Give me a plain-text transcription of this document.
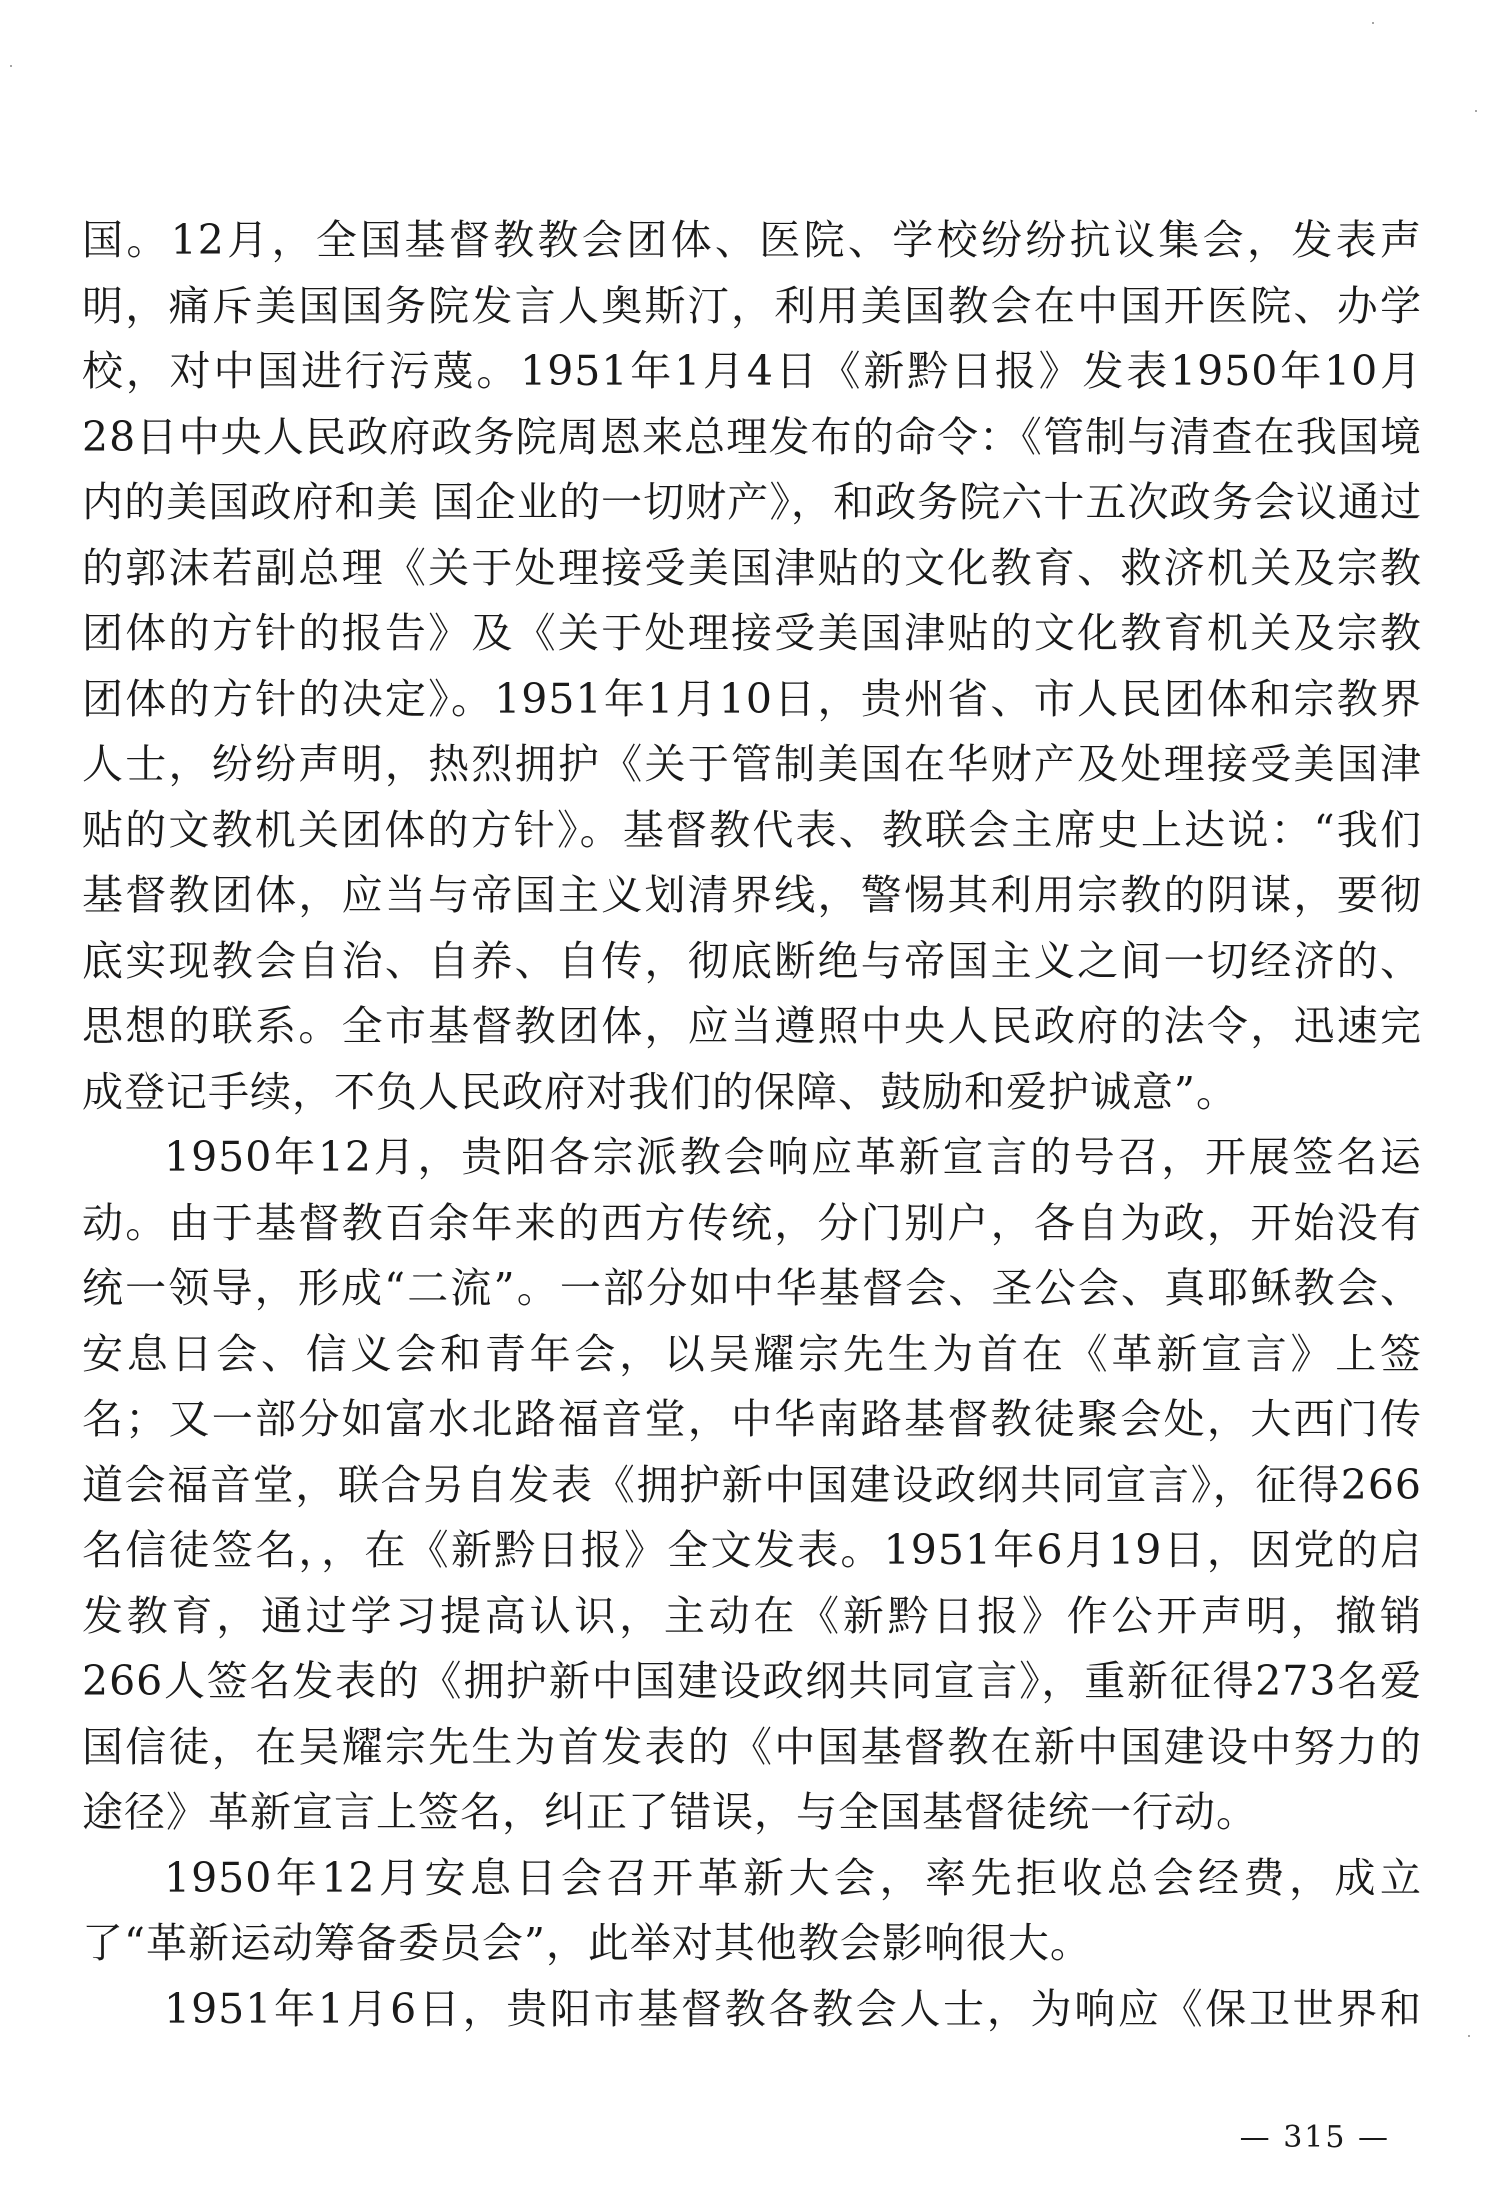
国。12月，全国基督教教会团体、医院、学校纷纷抗议集会，发表声明，痛斥美国国务院发言人奥斯汀，利用美国教会在中国开医院、办学校，对中国进行污蔑。1951年1月4日《新黔日报》发表1950年10月28日中央人民政府政务院周恩来总理发布的命令：《管制与清查在我国境内的美国政府和美 国企业的一切财产》，和政务院六十五次政务会议通过的郭沫若副总理《关于处理接受美国津贴的文化教育、救济机关及宗教团体的方针的报告》及《关于处理接受美国津贴的文化教育机关及宗教团体的方针的决定》。1951年1月10日，贵州省、市人民团体和宗教界人士，纷纷声明，热烈拥护《关于管制美国在华财产及处理接受美国津贴的文教机关团体的方针》。基督教代表、教联会主席史上达说：“我们基督教团体，应当与帝国主义划清界线，警惕其利用宗教的阴谋，要彻底实现教会自治、自养、自传，彻底断绝与帝国主义之间一切经济的、思想的联系。全市基督教团体，应当遵照中央人民政府的法令，迅速完成登记手续，不负人民政府对我们的保障、鼓励和爱护诚意”。

1950年12月，贵阳各宗派教会响应革新宣言的号召，开展签名运动。由于基督教百余年来的西方传统，分门别户，各自为政，开始没有统一领导，形成“二流”。一部分如中华基督会、圣公会、真耶稣教会、安息日会、信义会和青年会，以吴耀宗先生为首在《革新宣言》上签名；又一部分如富水北路福音堂，中华南路基督教徒聚会处，大西门传道会福音堂，联合另自发表《拥护新中国建设政纲共同宣言》，征得266名信徒签名，，在《新黔日报》全文发表。1951年6月19日，因党的启发教育，通过学习提高认识，主动在《新黔日报》作公开声明，撤销266人签名发表的《拥护新中国建设政纲共同宣言》，重新征得273名爱国信徒，在吴耀宗先生为首发表的《中国基督教在新中国建设中努力的途径》革新宣言上签名，纠正了错误，与全国基督徒统一行动。

1950年12月安息日会召开革新大会，率先拒收总会经费，成立了“革新运动筹备委员会”，此举对其他教会影响很大。

1951年1月6日，贵阳市基督教各教会人士，为响应《保卫世界和

— 315 —
